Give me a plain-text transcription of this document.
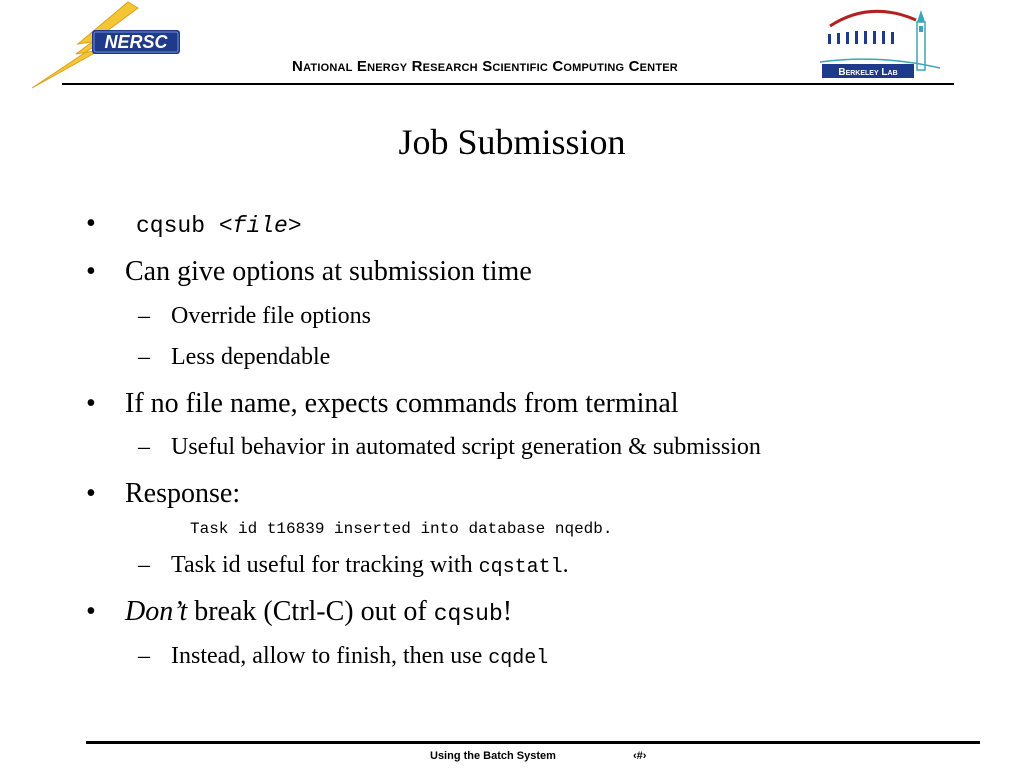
NERSC
National Energy Research Scientific Computing Center	Berkeley Lab
Job Submission
•	cqsub <file>
•	Can give options at submission time
– Override file options
– Less dependable
•	If no file name, expects commands from terminal
– Useful behavior in automated script generation & submission
•	Response:
Task id t16839 inserted into database nqedb.
– Task id useful for tracking with cqstatl.
•	Don’t break (Ctrl-C) out of cqsub!
– Instead, allow to finish, then use cqdel
Using the Batch System	‹#›
